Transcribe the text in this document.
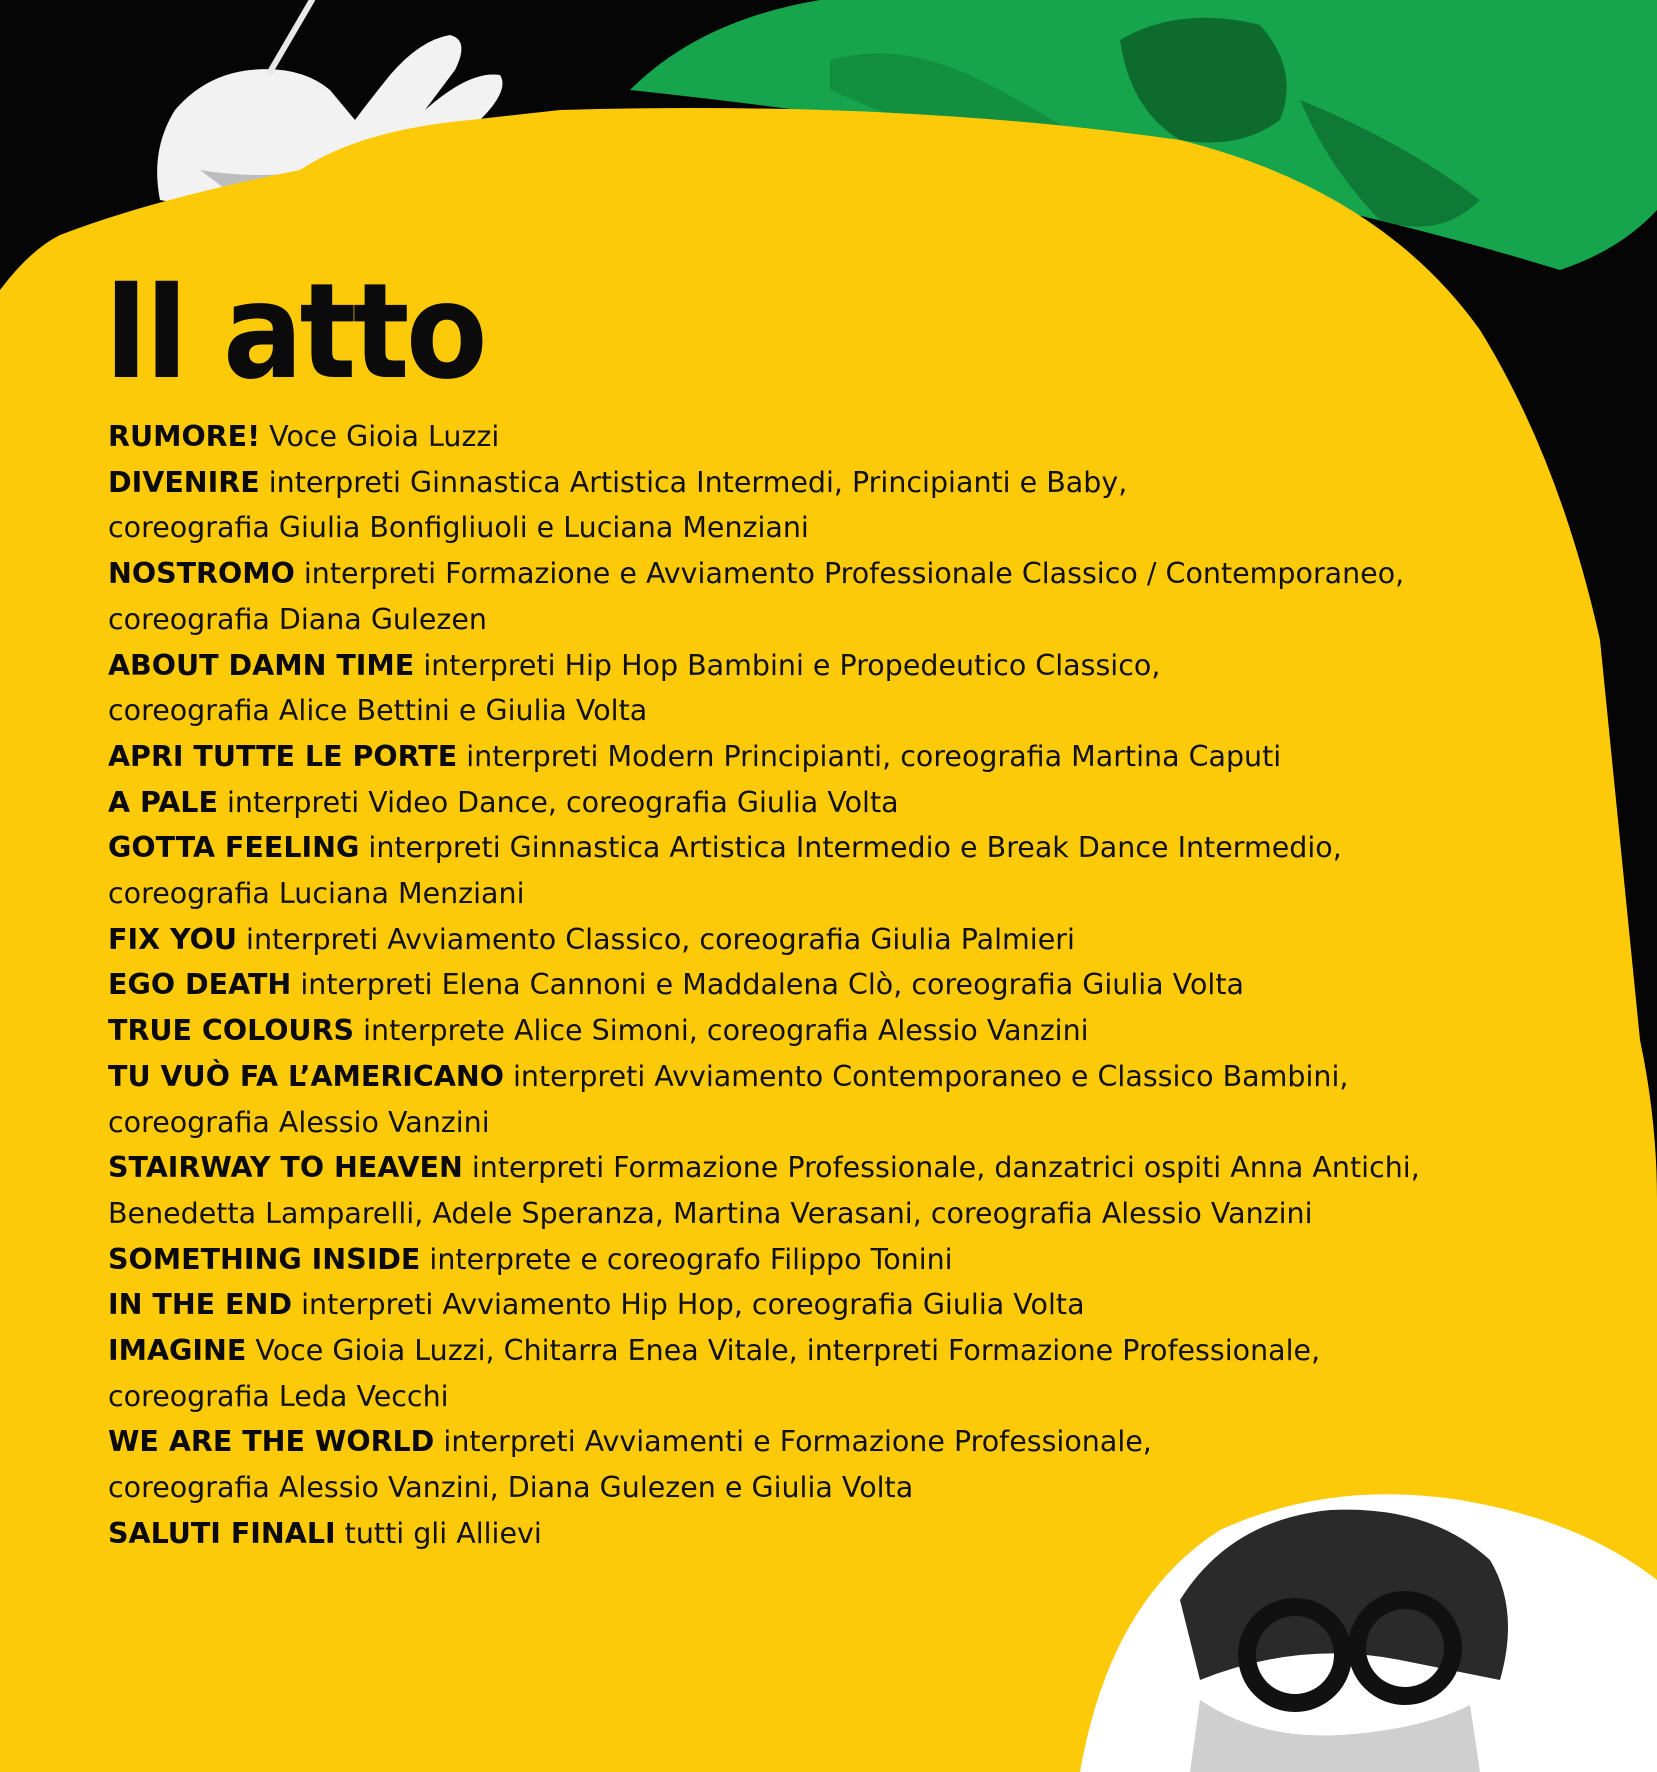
II atto
RUMORE! Voce Gioia Luzzi
DIVENIRE interpreti Ginnastica Artistica Intermedi, Principianti e Baby,
coreografia Giulia Bonfigliuoli e Luciana Menziani
NOSTROMO interpreti Formazione e Avviamento Professionale Classico / Contemporaneo,
coreografia Diana Gulezen
ABOUT DAMN TIME interpreti Hip Hop Bambini e Propedeutico Classico,
coreografia Alice Bettini e Giulia Volta
APRI TUTTE LE PORTE interpreti Modern Principianti, coreografia Martina Caputi
A PALE interpreti Video Dance, coreografia Giulia Volta
GOTTA FEELING interpreti Ginnastica Artistica Intermedio e Break Dance Intermedio,
coreografia Luciana Menziani
FIX YOU interpreti Avviamento Classico, coreografia Giulia Palmieri
EGO DEATH interpreti Elena Cannoni e Maddalena Clò, coreografia Giulia Volta
TRUE COLOURS interprete Alice Simoni, coreografia Alessio Vanzini
TU VUÒ FA L’AMERICANO interpreti Avviamento Contemporaneo e Classico Bambini,
coreografia Alessio Vanzini
STAIRWAY TO HEAVEN interpreti Formazione Professionale, danzatrici ospiti Anna Antichi,
Benedetta Lamparelli, Adele Speranza, Martina Verasani, coreografia Alessio Vanzini
SOMETHING INSIDE interprete e coreografo Filippo Tonini
IN THE END interpreti Avviamento Hip Hop, coreografia Giulia Volta
IMAGINE Voce Gioia Luzzi, Chitarra Enea Vitale, interpreti Formazione Professionale,
coreografia Leda Vecchi
WE ARE THE WORLD interpreti Avviamenti e Formazione Professionale,
coreografia Alessio Vanzini, Diana Gulezen e Giulia Volta
SALUTI FINALI tutti gli Allievi
